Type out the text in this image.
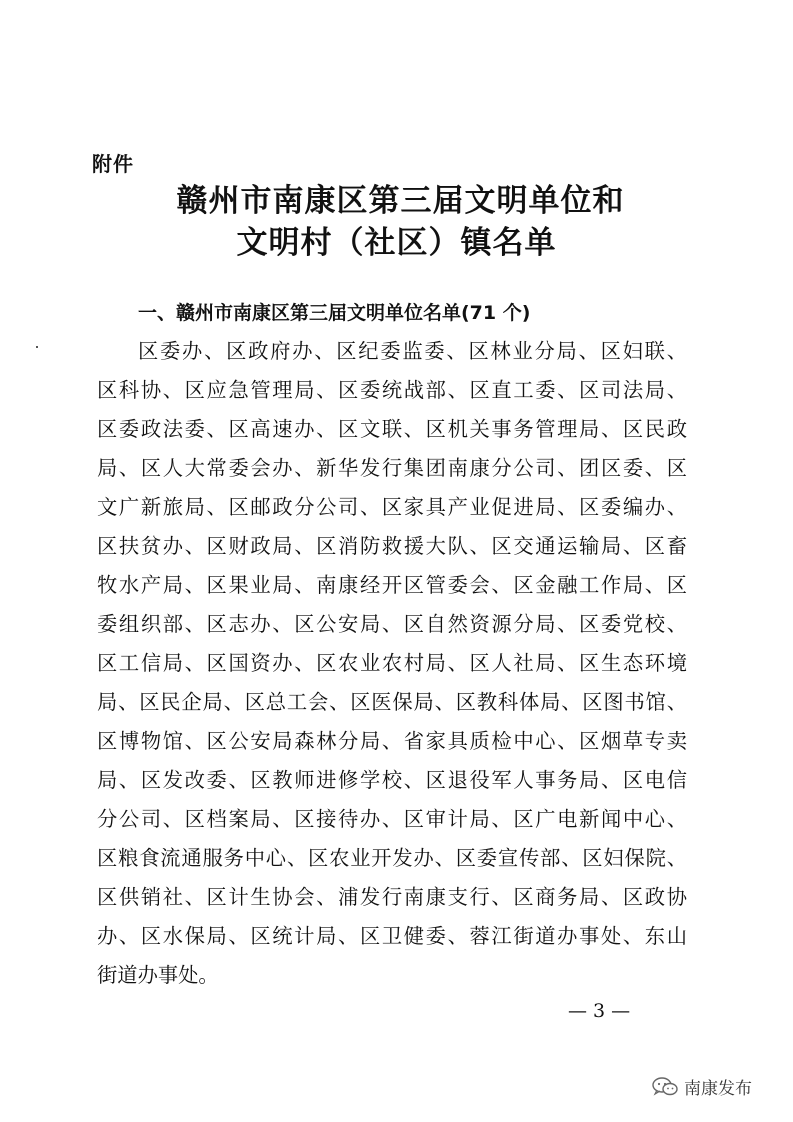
附件
赣州市南康区第三届文明单位和
文明村（社区）镇名单
一、赣州市南康区第三届文明单位名单(71 个)
区委办、区政府办、区纪委监委、区林业分局、区妇联、
区科协、区应急管理局、区委统战部、区直工委、区司法局、
区委政法委、区高速办、区文联、区机关事务管理局、区民政
局、区人大常委会办、新华发行集团南康分公司、团区委、区
文广新旅局、区邮政分公司、区家具产业促进局、区委编办、
区扶贫办、区财政局、区消防救援大队、区交通运输局、区畜
牧水产局、区果业局、南康经开区管委会、区金融工作局、区
委组织部、区志办、区公安局、区自然资源分局、区委党校、
区工信局、区国资办、区农业农村局、区人社局、区生态环境
局、区民企局、区总工会、区医保局、区教科体局、区图书馆、
区博物馆、区公安局森林分局、省家具质检中心、区烟草专卖
局、区发改委、区教师进修学校、区退役军人事务局、区电信
分公司、区档案局、区接待办、区审计局、区广电新闻中心、
区粮食流通服务中心、区农业开发办、区委宣传部、区妇保院、
区供销社、区计生协会、浦发行南康支行、区商务局、区政协
办、区水保局、区统计局、区卫健委、蓉江街道办事处、东山
街道办事处。
— 3 —
南康发布
